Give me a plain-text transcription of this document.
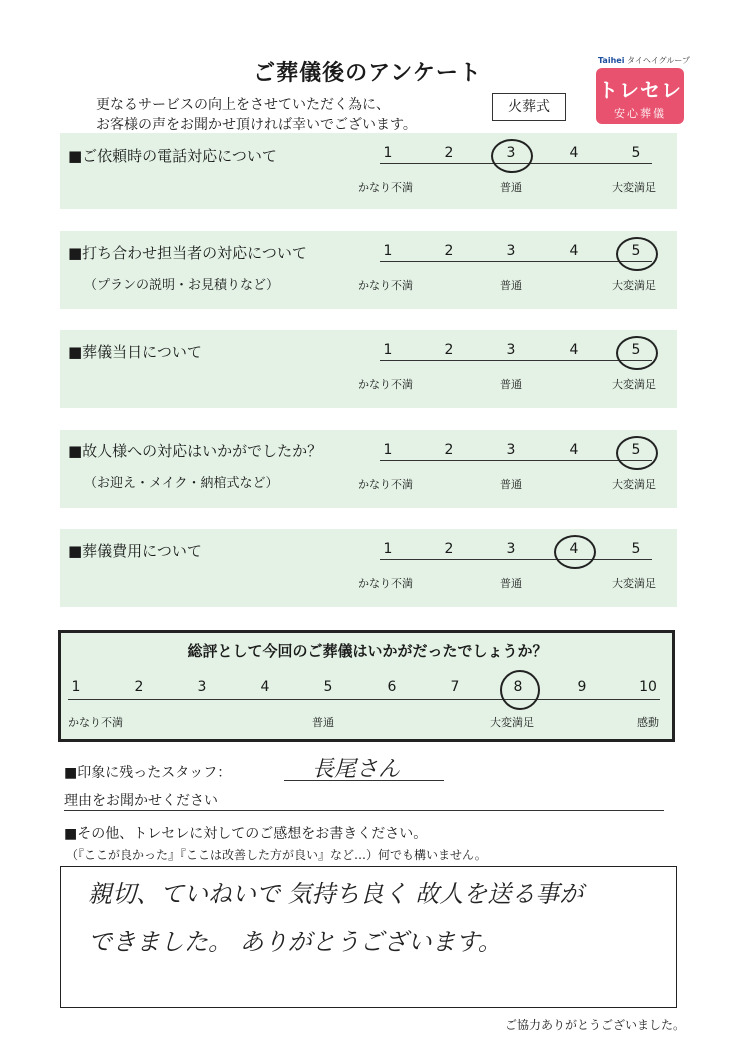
ご葬儀後のアンケート
更なるサービスの向上をさせていただく為に、
お客様の声をお聞かせ頂ければ幸いでございます。
火葬式
Taihei タイヘイグループ
トレセレ
安心葬儀
■ご依頼時の電話対応について
■打ち合わせ担当者の対応について
（プランの説明・お見積りなど）
■葬儀当日について
■故人様への対応はいかがでしたか？
（お迎え・メイク・納棺式など）
■葬儀費用について
1	2	3	4	5
かなり不満	普通	大変満足
1	2	3	4	5
かなり不満	普通	大変満足
1	2	3	4	5
かなり不満	普通	大変満足
1	2	3	4	5
かなり不満	普通	大変満足
1	2	3	4	5
かなり不満	普通	大変満足
総評として今回のご葬儀はいかがだったでしょうか？
1	2	3	4	5	6	7	8	9	10
かなり不満	普通	大変満足	感動
■印象に残ったスタッフ：	長尾さん
理由をお聞かせください
■その他、トレセレに対してのご感想をお書きください。
（『ここが良かった』『ここは改善した方が良い』など…）何でも構いません。
親切、ていねいで 気持ち良く 故人を送る事が
できました。 ありがとうございます。
ご協力ありがとうございました。
